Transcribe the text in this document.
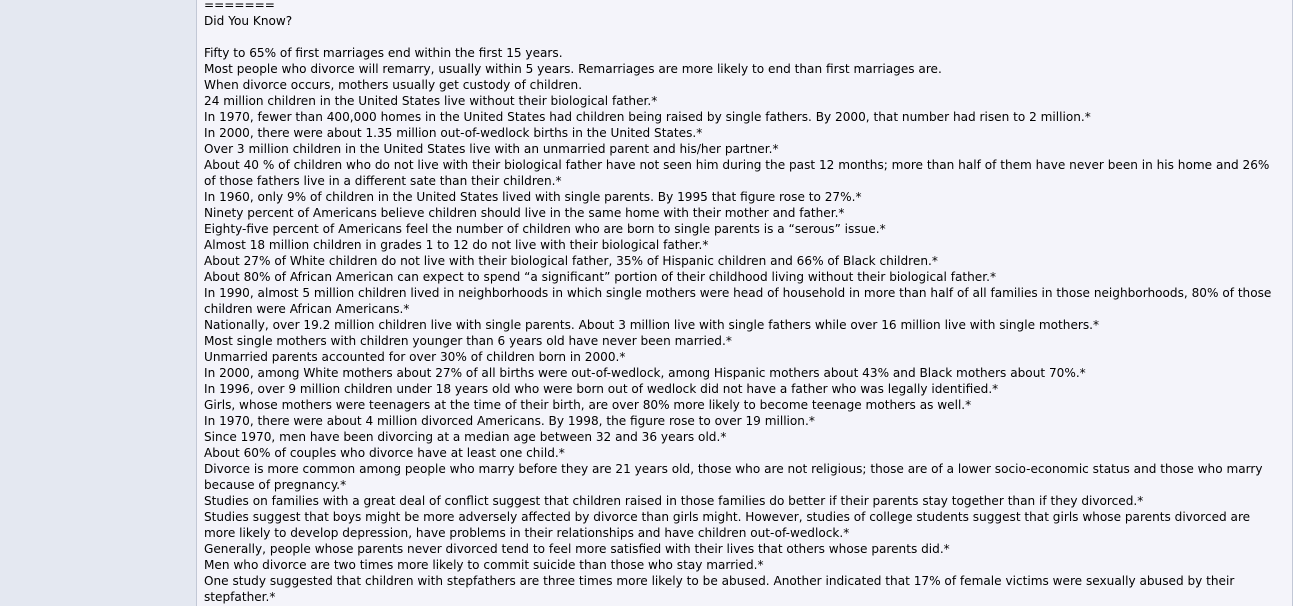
=======
Did You Know?
Fifty to 65% of first marriages end within the first 15 years.
Most people who divorce will remarry, usually within 5 years. Remarriages are more likely to end than first marriages are.
When divorce occurs, mothers usually get custody of children.
24 million children in the United States live without their biological father.*
In 1970, fewer than 400,000 homes in the United States had children being raised by single fathers. By 2000, that number had risen to 2 million.*
In 2000, there were about 1.35 million out-of-wedlock births in the United States.*
Over 3 million children in the United States live with an unmarried parent and his/her partner.*
About 40 % of children who do not live with their biological father have not seen him during the past 12 months; more than half of them have never been in his home and 26% of those fathers live in a different sate than their children.*
In 1960, only 9% of children in the United States lived with single parents. By 1995 that figure rose to 27%.*
Ninety percent of Americans believe children should live in the same home with their mother and father.*
Eighty-five percent of Americans feel the number of children who are born to single parents is a “serous” issue.*
Almost 18 million children in grades 1 to 12 do not live with their biological father.*
About 27% of White children do not live with their biological father, 35% of Hispanic children and 66% of Black children.*
About 80% of African American can expect to spend “a significant” portion of their childhood living without their biological father.*
In 1990, almost 5 million children lived in neighborhoods in which single mothers were head of household in more than half of all families in those neighborhoods, 80% of those children were African Americans.*
Nationally, over 19.2 million children live with single parents. About 3 million live with single fathers while over 16 million live with single mothers.*
Most single mothers with children younger than 6 years old have never been married.*
Unmarried parents accounted for over 30% of children born in 2000.*
In 2000, among White mothers about 27% of all births were out-of-wedlock, among Hispanic mothers about 43% and Black mothers about 70%.*
In 1996, over 9 million children under 18 years old who were born out of wedlock did not have a father who was legally identified.*
Girls, whose mothers were teenagers at the time of their birth, are over 80% more likely to become teenage mothers as well.*
In 1970, there were about 4 million divorced Americans. By 1998, the figure rose to over 19 million.*
Since 1970, men have been divorcing at a median age between 32 and 36 years old.*
About 60% of couples who divorce have at least one child.*
Divorce is more common among people who marry before they are 21 years old, those who are not religious; those are of a lower socio-economic status and those who marry because of pregnancy.*
Studies on families with a great deal of conflict suggest that children raised in those families do better if their parents stay together than if they divorced.*
Studies suggest that boys might be more adversely affected by divorce than girls might. However, studies of college students suggest that girls whose parents divorced are more likely to develop depression, have problems in their relationships and have children out-of-wedlock.*
Generally, people whose parents never divorced tend to feel more satisfied with their lives that others whose parents did.*
Men who divorce are two times more likely to commit suicide than those who stay married.*
One study suggested that children with stepfathers are three times more likely to be abused. Another indicated that 17% of female victims were sexually abused by their stepfather.*
